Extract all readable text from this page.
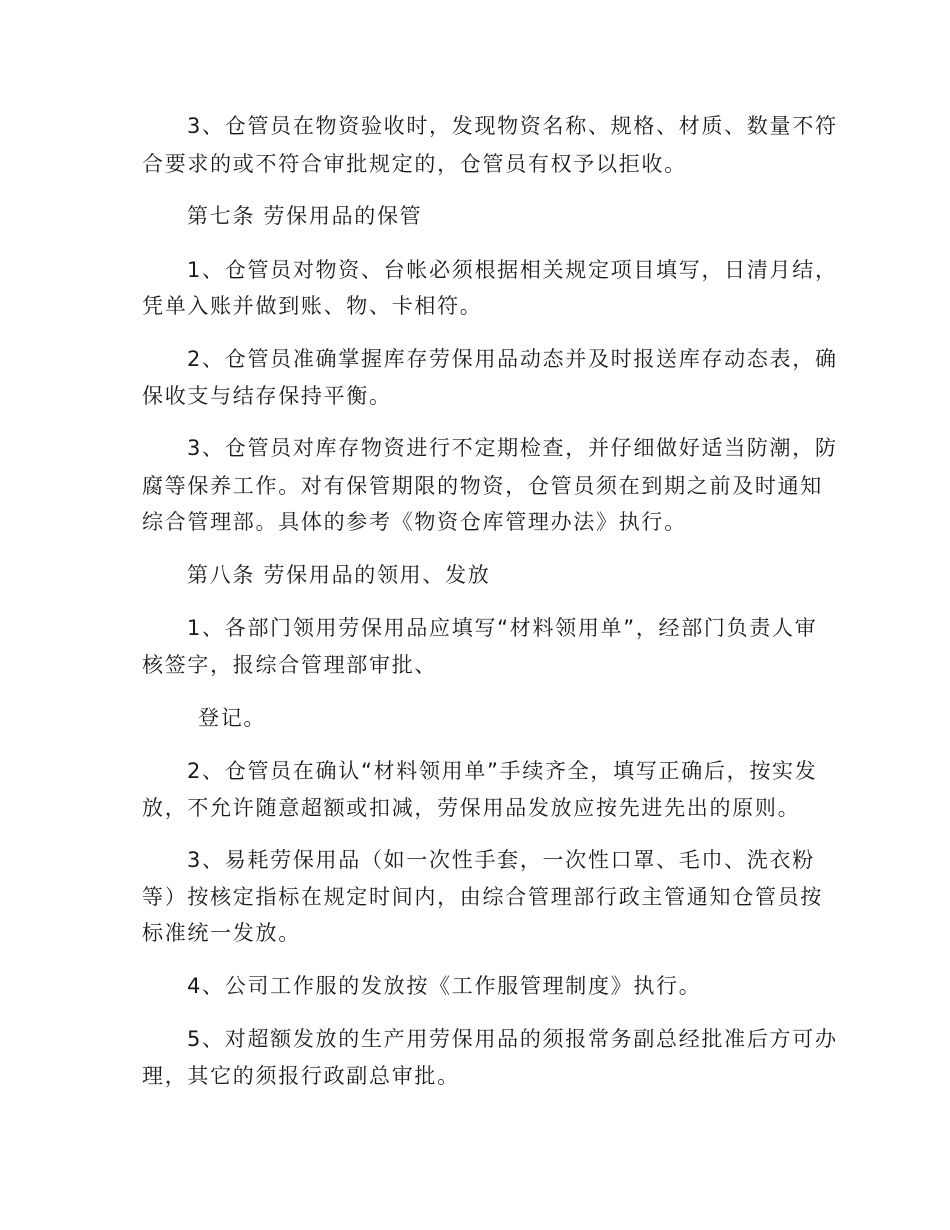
3、仓管员在物资验收时，发现物资名称、规格、材质、数量不符

合要求的或不符合审批规定的，仓管员有权予以拒收。

第七条 劳保用品的保管

1、仓管员对物资、台帐必须根据相关规定项目填写，日清月结，

凭单入账并做到账、物、卡相符。

2、仓管员准确掌握库存劳保用品动态并及时报送库存动态表，确

保收支与结存保持平衡。

3、仓管员对库存物资进行不定期检查，并仔细做好适当防潮，防

腐等保养工作。对有保管期限的物资，仓管员须在到期之前及时通知

综合管理部。具体的参考《物资仓库管理办法》执行。

第八条 劳保用品的领用、发放

1、各部门领用劳保用品应填写“材料领用单”，经部门负责人审

核签字，报综合管理部审批、

登记。

2、仓管员在确认“材料领用单”手续齐全，填写正确后，按实发

放，不允许随意超额或扣减，劳保用品发放应按先进先出的原则。

3、易耗劳保用品（如一次性手套，一次性口罩、毛巾、洗衣粉

等）按核定指标在规定时间内，由综合管理部行政主管通知仓管员按

标准统一发放。

4、公司工作服的发放按《工作服管理制度》执行。

5、对超额发放的生产用劳保用品的须报常务副总经批准后方可办

理，其它的须报行政副总审批。
